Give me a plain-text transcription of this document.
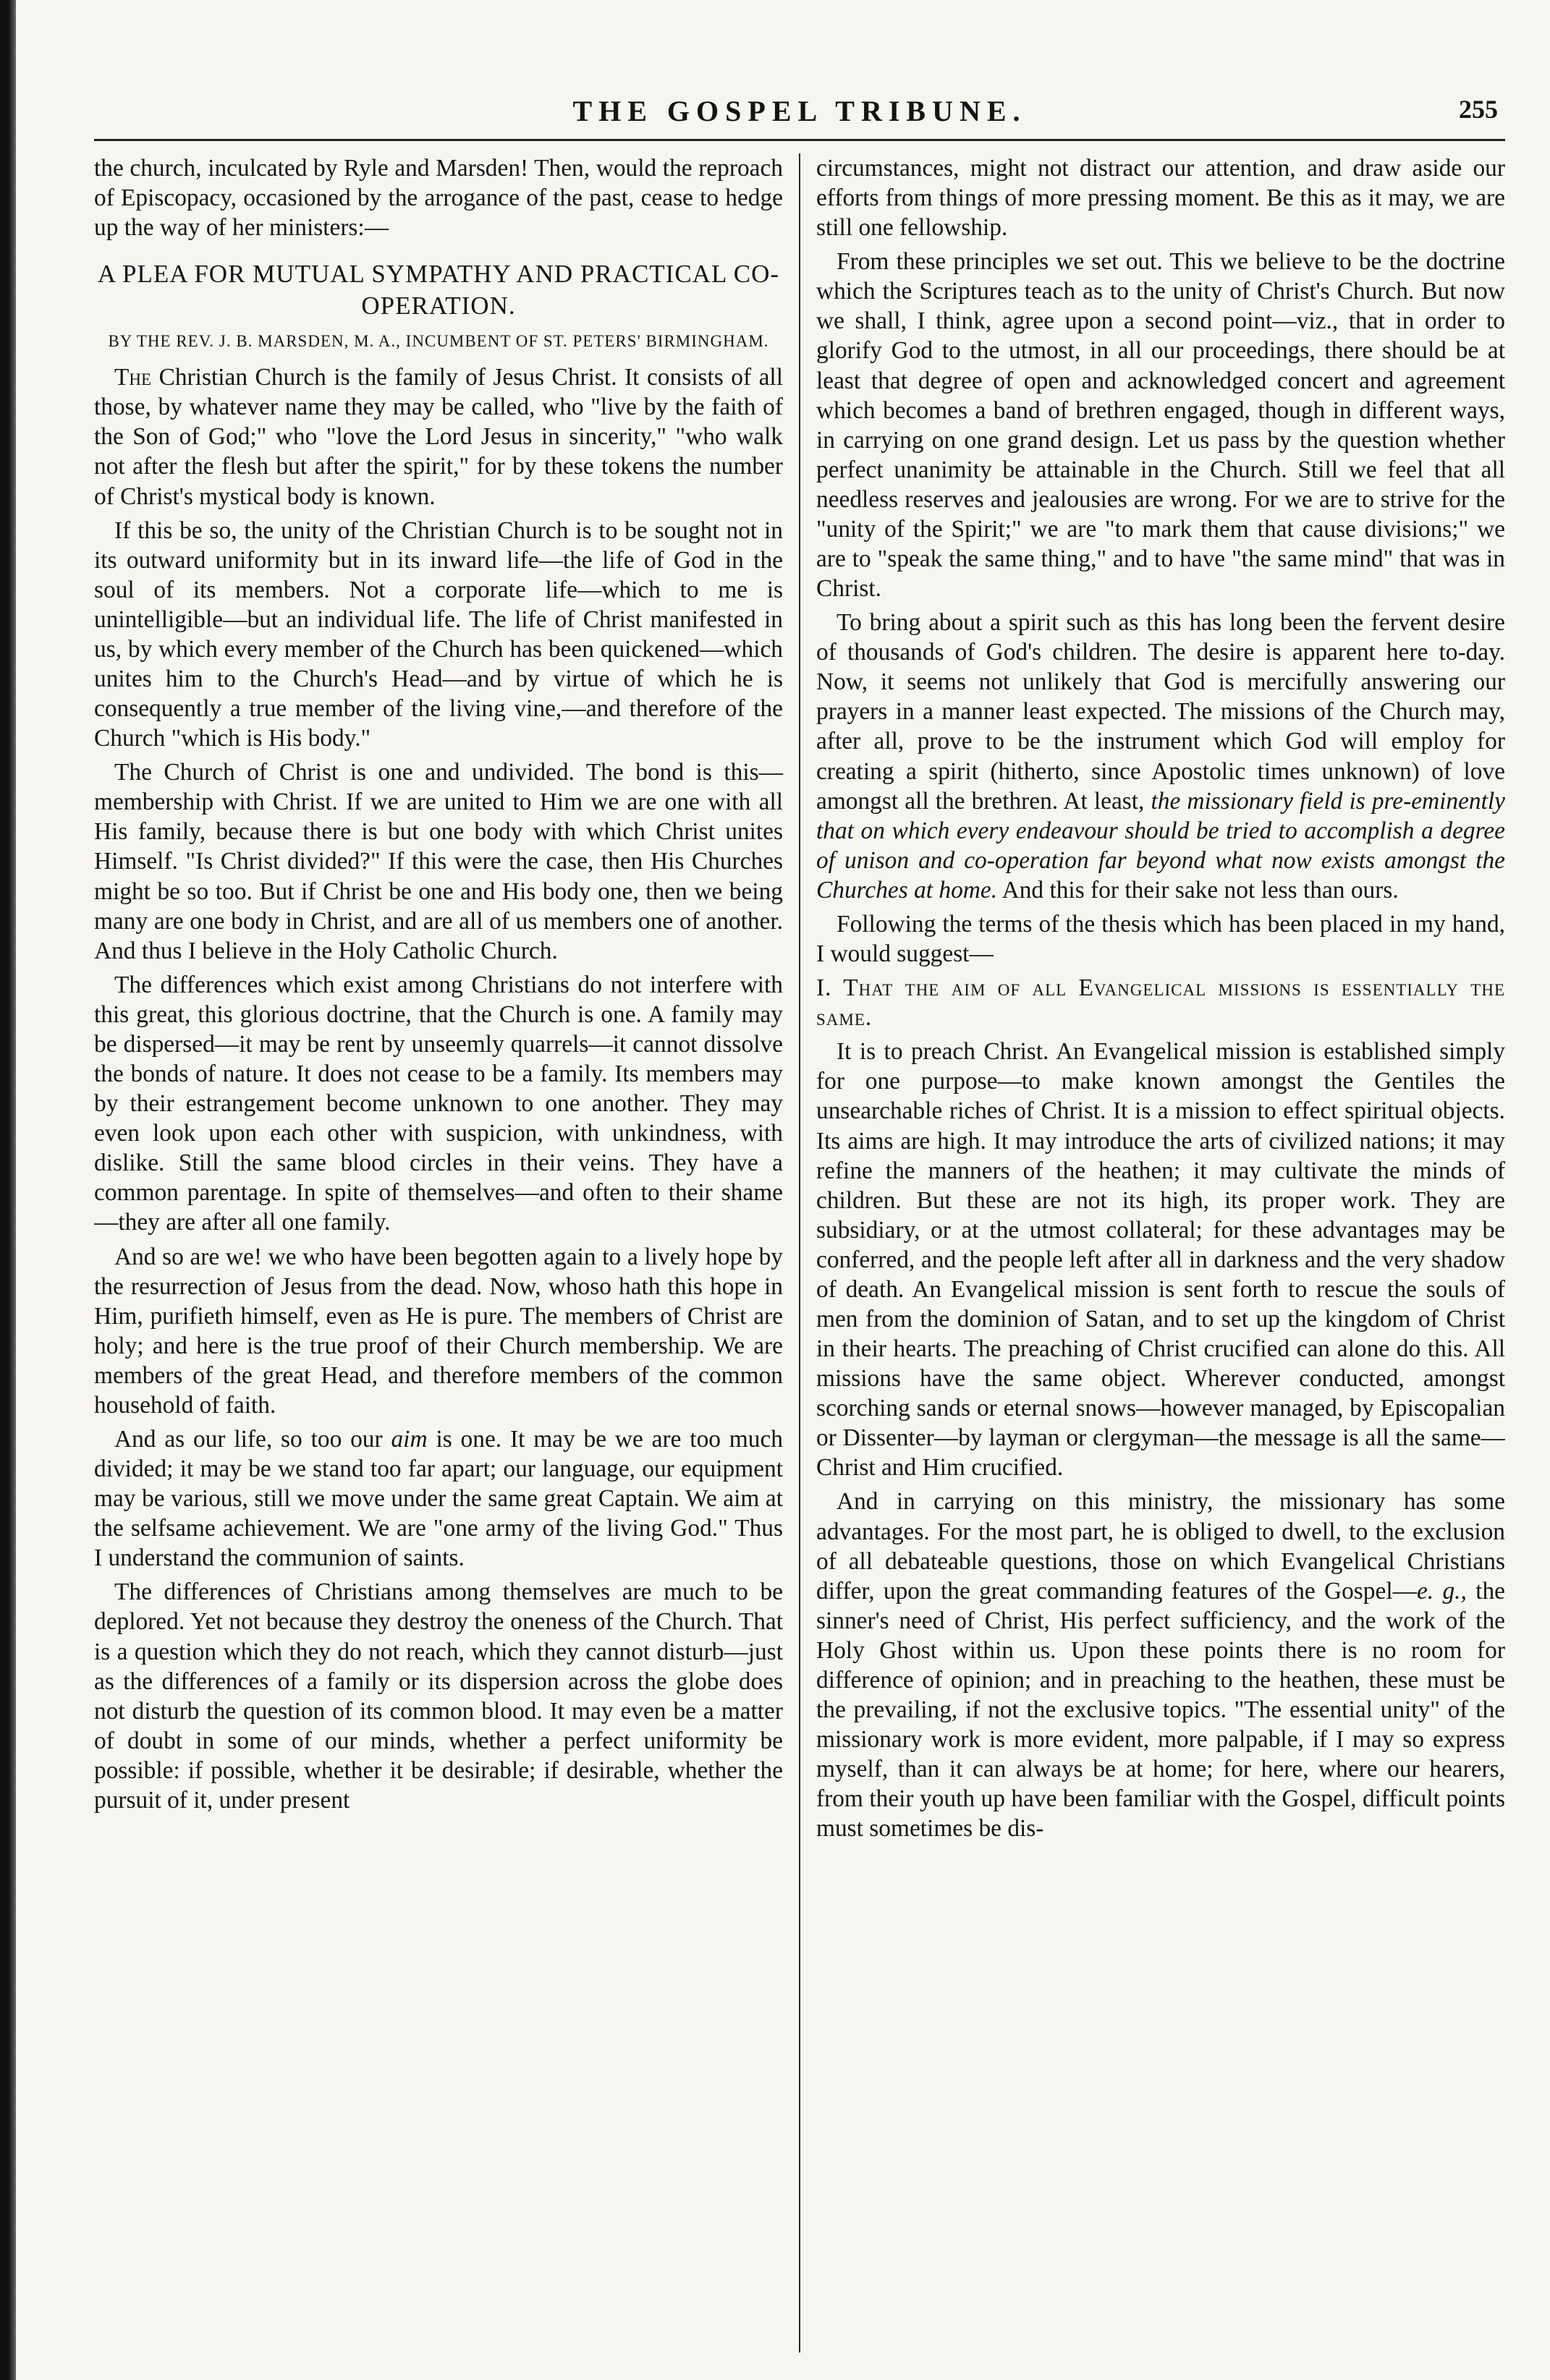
THE GOSPEL TRIBUNE.	255

the church, inculcated by Ryle and Marsden! Then, would the reproach of Episcopacy, occasioned by the arrogance of the past, cease to hedge up the way of her ministers:—

A PLEA FOR MUTUAL SYMPATHY AND PRACTICAL CO-OPERATION.
BY THE REV. J. B. MARSDEN, M. A., INCUMBENT OF ST. PETERS' BIRMINGHAM.

The Christian Church is the family of Jesus Christ. It consists of all those, by whatever name they may be called, who "live by the faith of the Son of God;" who "love the Lord Jesus in sincerity," "who walk not after the flesh but after the spirit," for by these tokens the number of Christ's mystical body is known.

If this be so, the unity of the Christian Church is to be sought not in its outward uniformity but in its inward life—the life of God in the soul of its members. Not a corporate life—which to me is unintelligible—but an individual life. The life of Christ manifested in us, by which every member of the Church has been quickened—which unites him to the Church's Head—and by virtue of which he is consequently a true member of the living vine,—and therefore of the Church "which is His body."

The Church of Christ is one and undivided. The bond is this—membership with Christ. If we are united to Him we are one with all His family, because there is but one body with which Christ unites Himself. "Is Christ divided?" If this were the case, then His Churches might be so too. But if Christ be one and His body one, then we being many are one body in Christ, and are all of us members one of another. And thus I believe in the Holy Catholic Church.

The differences which exist among Christians do not interfere with this great, this glorious doctrine, that the Church is one. A family may be dispersed—it may be rent by unseemly quarrels—it cannot dissolve the bonds of nature. It does not cease to be a family. Its members may by their estrangement become unknown to one another. They may even look upon each other with suspicion, with unkindness, with dislike. Still the same blood circles in their veins. They have a common parentage. In spite of themselves—and often to their shame—they are after all one family.

And so are we! we who have been begotten again to a lively hope by the resurrection of Jesus from the dead. Now, whoso hath this hope in Him, purifieth himself, even as He is pure. The members of Christ are holy; and here is the true proof of their Church membership. We are members of the great Head, and therefore members of the common household of faith.

And as our life, so too our aim is one. It may be we are too much divided; it may be we stand too far apart; our language, our equipment may be various, still we move under the same great Captain. We aim at the selfsame achievement. We are "one army of the living God." Thus I understand the communion of saints.

The differences of Christians among themselves are much to be deplored. Yet not because they destroy the oneness of the Church. That is a question which they do not reach, which they cannot disturb—just as the differences of a family or its dispersion across the globe does not disturb the question of its common blood. It may even be a matter of doubt in some of our minds, whether a perfect uniformity be possible: if possible, whether it be desirable; if desirable, whether the pursuit of it, under present

circumstances, might not distract our attention, and draw aside our efforts from things of more pressing moment. Be this as it may, we are still one fellowship.

From these principles we set out. This we believe to be the doctrine which the Scriptures teach as to the unity of Christ's Church. But now we shall, I think, agree upon a second point—viz., that in order to glorify God to the utmost, in all our proceedings, there should be at least that degree of open and acknowledged concert and agreement which becomes a band of brethren engaged, though in different ways, in carrying on one grand design. Let us pass by the question whether perfect unanimity be attainable in the Church. Still we feel that all needless reserves and jealousies are wrong. For we are to strive for the "unity of the Spirit;" we are "to mark them that cause divisions;" we are to "speak the same thing," and to have "the same mind" that was in Christ.

To bring about a spirit such as this has long been the fervent desire of thousands of God's children. The desire is apparent here to-day. Now, it seems not unlikely that God is mercifully answering our prayers in a manner least expected. The missions of the Church may, after all, prove to be the instrument which God will employ for creating a spirit (hitherto, since Apostolic times unknown) of love amongst all the brethren. At least, the missionary field is pre-eminently that on which every endeavour should be tried to accomplish a degree of unison and co-operation far beyond what now exists amongst the Churches at home. And this for their sake not less than ours.

Following the terms of the thesis which has been placed in my hand, I would suggest—

I. That the aim of all Evangelical missions is essentially the same.

It is to preach Christ. An Evangelical mission is established simply for one purpose—to make known amongst the Gentiles the unsearchable riches of Christ. It is a mission to effect spiritual objects. Its aims are high. It may introduce the arts of civilized nations; it may refine the manners of the heathen; it may cultivate the minds of children. But these are not its high, its proper work. They are subsidiary, or at the utmost collateral; for these advantages may be conferred, and the people left after all in darkness and the very shadow of death. An Evangelical mission is sent forth to rescue the souls of men from the dominion of Satan, and to set up the kingdom of Christ in their hearts. The preaching of Christ crucified can alone do this. All missions have the same object. Wherever conducted, amongst scorching sands or eternal snows—however managed, by Episcopalian or Dissenter—by layman or clergyman—the message is all the same—Christ and Him crucified.

And in carrying on this ministry, the missionary has some advantages. For the most part, he is obliged to dwell, to the exclusion of all debateable questions, those on which Evangelical Christians differ, upon the great commanding features of the Gospel—e. g., the sinner's need of Christ, His perfect sufficiency, and the work of the Holy Ghost within us. Upon these points there is no room for difference of opinion; and in preaching to the heathen, these must be the prevailing, if not the exclusive topics. "The essential unity" of the missionary work is more evident, more palpable, if I may so express myself, than it can always be at home; for here, where our hearers, from their youth up have been familiar with the Gospel, difficult points must sometimes be dis-
